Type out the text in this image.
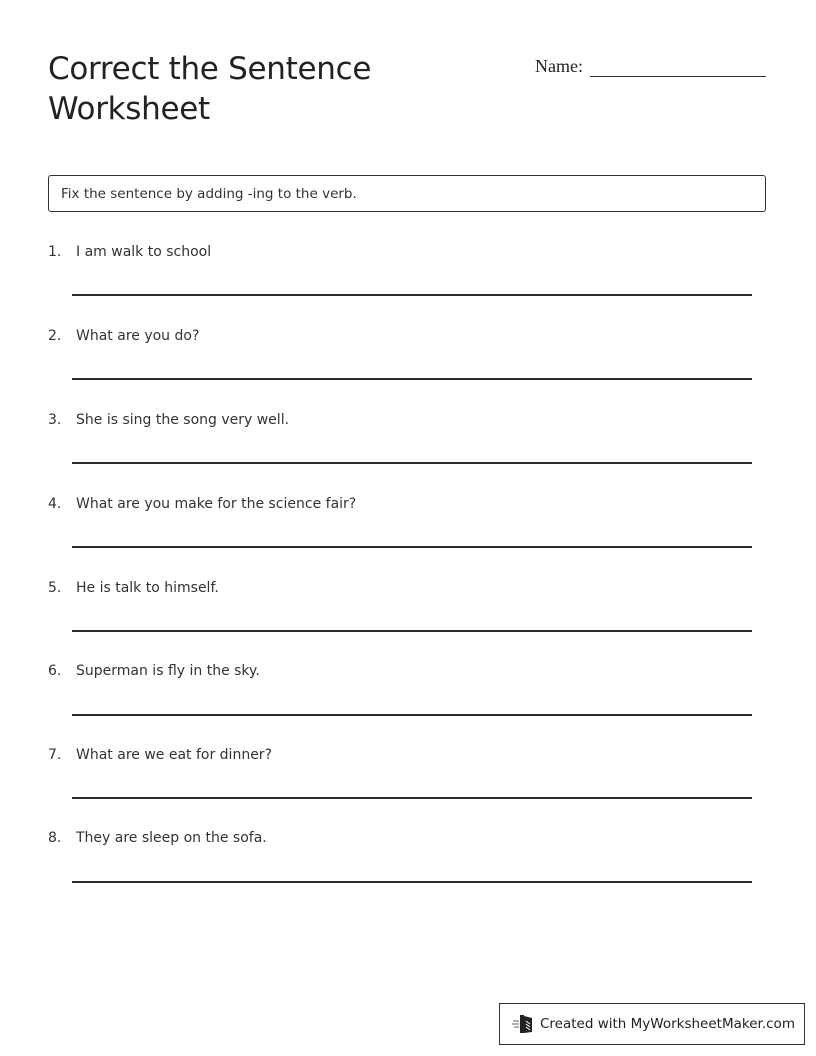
Correct the Sentence Worksheet
Name:
Fix the sentence by adding -ing to the verb.
1. I am walk to school
2. What are you do?
3. She is sing the song very well.
4. What are you make for the science fair?
5. He is talk to himself.
6. Superman is fly in the sky.
7. What are we eat for dinner?
8. They are sleep on the sofa.
Created with MyWorksheetMaker.com
